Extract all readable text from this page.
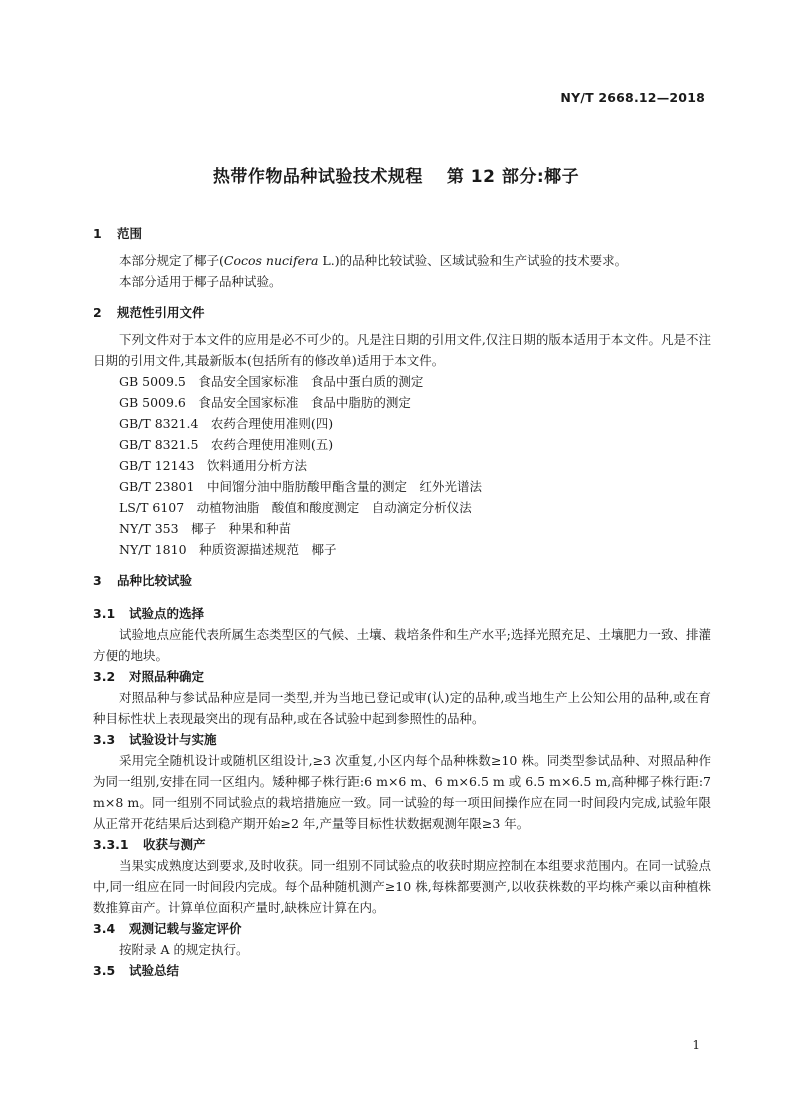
NY/T 2668.12—2018
热带作物品种试验技术规程 第 12 部分:椰子
1 范围

本部分规定了椰子(Cocos nucifera L.)的品种比较试验、区域试验和生产试验的技术要求。

本部分适用于椰子品种试验。

2 规范性引用文件

下列文件对于本文件的应用是必不可少的。凡是注日期的引用文件,仅注日期的版本适用于本文件。凡是不注日期的引用文件,其最新版本(包括所有的修改单)适用于本文件。

GB 5009.5　食品安全国家标准　食品中蛋白质的测定
GB 5009.6　食品安全国家标准　食品中脂肪的测定
GB/T 8321.4　农药合理使用准则(四)
GB/T 8321.5　农药合理使用准则(五)
GB/T 12143　饮料通用分析方法
GB/T 23801　中间馏分油中脂肪酸甲酯含量的测定　红外光谱法
LS/T 6107　动植物油脂　酸值和酸度测定　自动滴定分析仪法
NY/T 353　椰子　种果和种苗
NY/T 1810　种质资源描述规范　椰子
3 品种比较试验
3.1 试验点的选择

试验地点应能代表所属生态类型区的气候、土壤、栽培条件和生产水平;选择光照充足、土壤肥力一致、排灌方便的地块。

3.2 对照品种确定

对照品种与参试品种应是同一类型,并为当地已登记或审(认)定的品种,或当地生产上公知公用的品种,或在育种目标性状上表现最突出的现有品种,或在各试验中起到参照性的品种。

3.3 试验设计与实施

采用完全随机设计或随机区组设计,≥3 次重复,小区内每个品种株数≥10 株。同类型参试品种、对照品种作为同一组别,安排在同一区组内。矮种椰子株行距:6 m×6 m、6 m×6.5 m 或 6.5 m×6.5 m,高种椰子株行距:7 m×8 m。同一组别不同试验点的栽培措施应一致。同一试验的每一项田间操作应在同一时间段内完成,试验年限从正常开花结果后达到稳产期开始≥2 年,产量等目标性状数据观测年限≥3 年。

3.3.1 收获与测产

当果实成熟度达到要求,及时收获。同一组别不同试验点的收获时期应控制在本组要求范围内。在同一试验点中,同一组应在同一时间段内完成。每个品种随机测产≥10 株,每株都要测产,以收获株数的平均株产乘以亩种植株数推算亩产。计算单位面积产量时,缺株应计算在内。

3.4 观测记载与鉴定评价

按附录 A 的规定执行。

3.5 试验总结
1
